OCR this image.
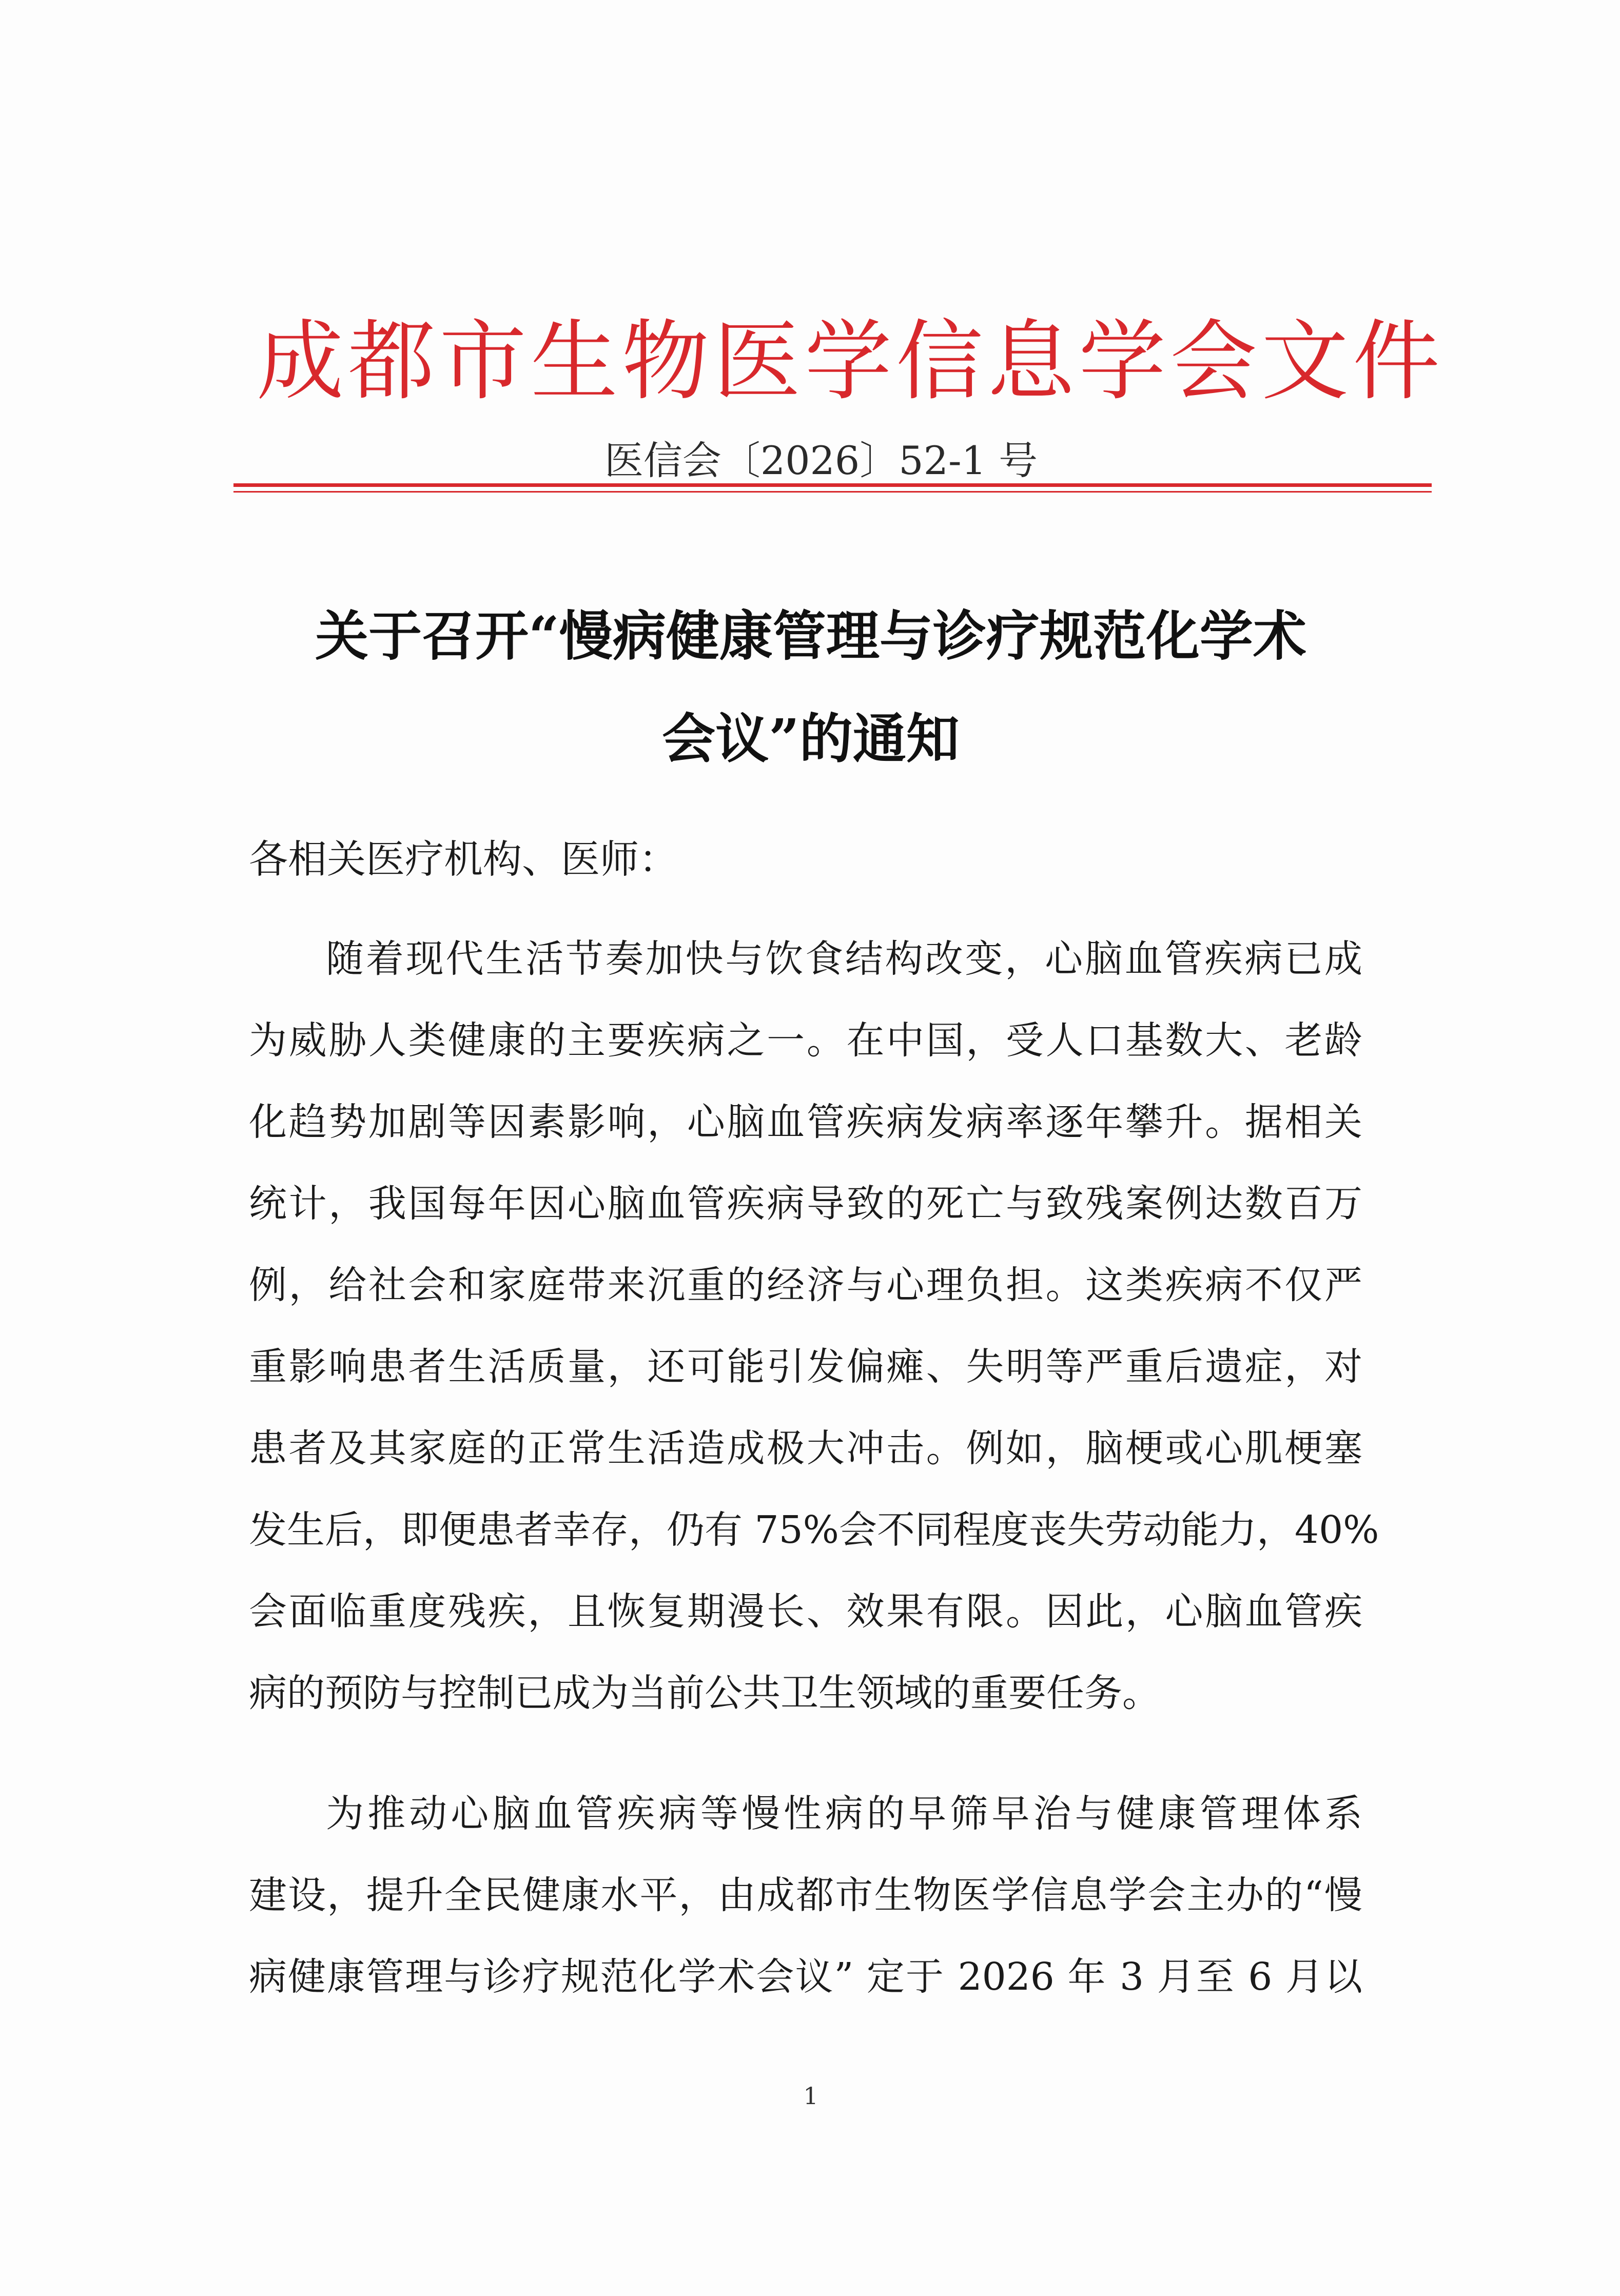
成都市生物医学信息学会文件
医信会〔2026〕52-1 号
关于召开“慢病健康管理与诊疗规范化学术
会议”的通知
各相关医疗机构、医师：
随着现代生活节奏加快与饮食结构改变，心脑血管疾病已成
为威胁人类健康的主要疾病之一。在中国，受人口基数大、老龄
化趋势加剧等因素影响，心脑血管疾病发病率逐年攀升。据相关
统计，我国每年因心脑血管疾病导致的死亡与致残案例达数百万
例，给社会和家庭带来沉重的经济与心理负担。这类疾病不仅严
重影响患者生活质量，还可能引发偏瘫、失明等严重后遗症，对
患者及其家庭的正常生活造成极大冲击。例如，脑梗或心肌梗塞
发生后，即便患者幸存，仍有 75%会不同程度丧失劳动能力，40%
会面临重度残疾，且恢复期漫长、效果有限。因此，心脑血管疾
病的预防与控制已成为当前公共卫生领域的重要任务。
为推动心脑血管疾病等慢性病的早筛早治与健康管理体系
建设，提升全民健康水平，由成都市生物医学信息学会主办的“慢
病健康管理与诊疗规范化学术会议” 定于 2026 年 3 月至 6 月以
1
